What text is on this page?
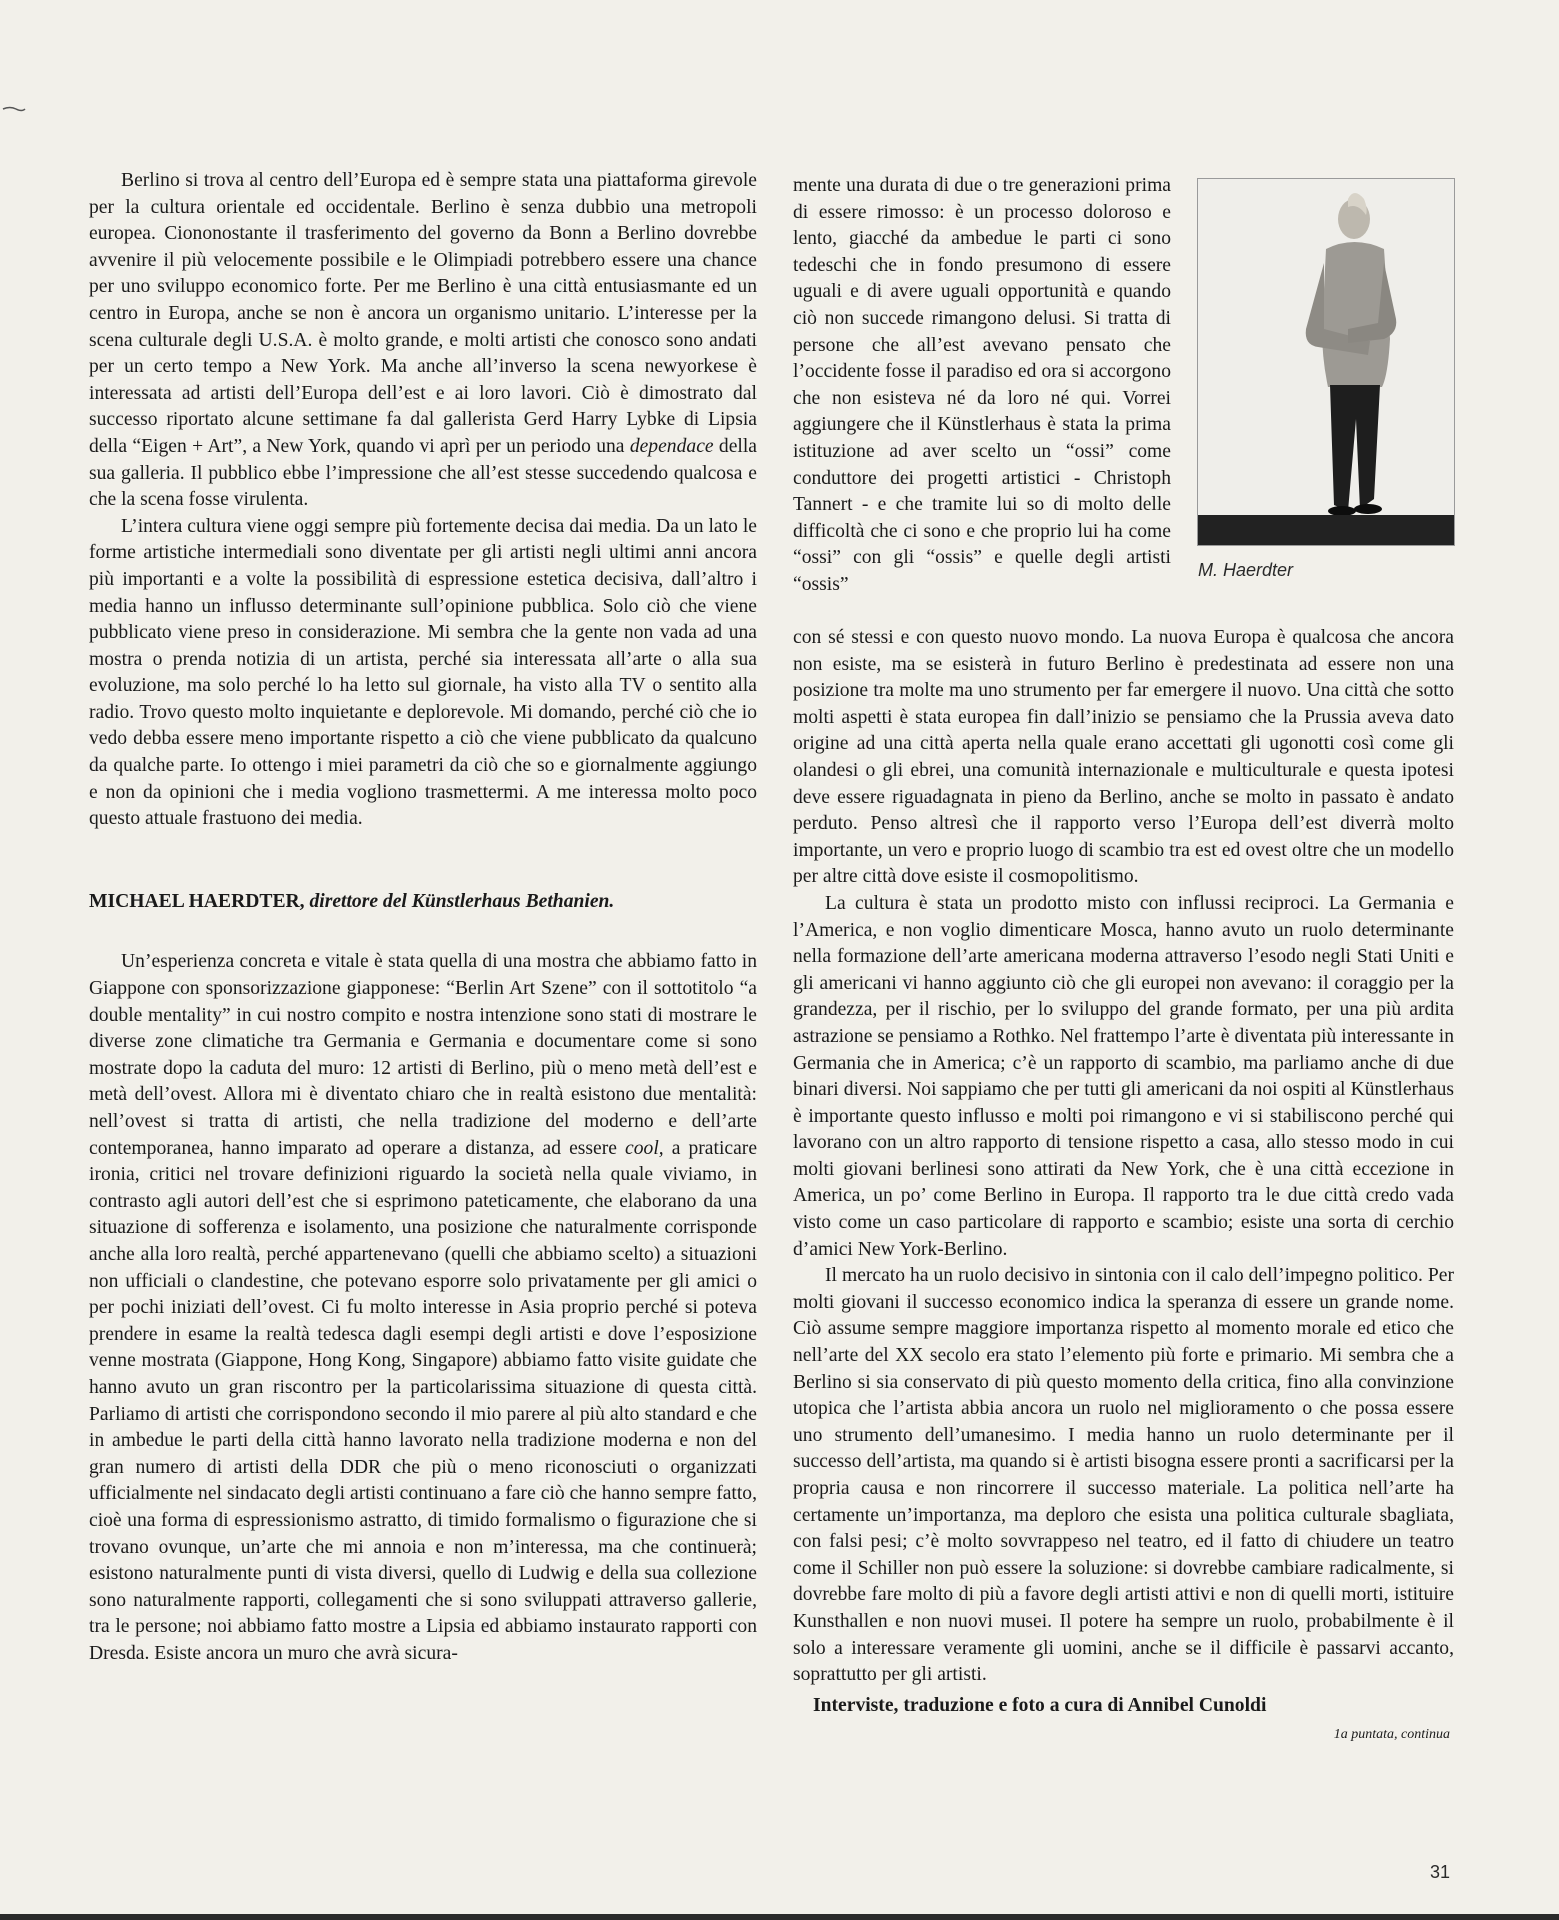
Berlino si trova al centro dell’Europa ed è sempre stata una piattaforma girevole per la cultura orientale ed occidentale. Berlino è senza dubbio una metropoli europea. Ciononostante il trasferimento del governo da Bonn a Berlino dovrebbe avvenire il più velocemente possibile e le Olimpiadi potrebbero essere una chance per uno sviluppo economico forte. Per me Berlino è una città entusiasmante ed un centro in Europa, anche se non è ancora un organismo unitario. L’interesse per la scena culturale degli U.S.A. è molto grande, e molti artisti che conosco sono andati per un certo tempo a New York. Ma anche all’inverso la scena newyorkese è interessata ad artisti dell’Europa dell’est e ai loro lavori. Ciò è dimostrato dal successo riportato alcune settimane fa dal gallerista Gerd Harry Lybke di Lipsia della “Eigen + Art”, a New York, quando vi aprì per un periodo una dependace della sua galleria. Il pubblico ebbe l’impressione che all’est stesse succedendo qualcosa e che la scena fosse virulenta.

L’intera cultura viene oggi sempre più fortemente decisa dai media. Da un lato le forme artistiche intermediali sono diventate per gli artisti negli ultimi anni ancora più importanti e a volte la possibilità di espressione estetica decisiva, dall’altro i media hanno un influsso determinante sull’opinione pubblica. Solo ciò che viene pubblicato viene preso in considerazione. Mi sembra che la gente non vada ad una mostra o prenda notizia di un artista, perché sia interessata all’arte o alla sua evoluzione, ma solo perché lo ha letto sul giornale, ha visto alla TV o sentito alla radio. Trovo questo molto inquietante e deplorevole. Mi domando, perché ciò che io vedo debba essere meno importante rispetto a ciò che viene pubblicato da qualcuno da qualche parte. Io ottengo i miei parametri da ciò che so e giornalmente aggiungo e non da opinioni che i media vogliono trasmettermi. A me interessa molto poco questo attuale frastuono dei media.

MICHAEL HAERDTER, direttore del Künstlerhaus Bethanien.

Un’esperienza concreta e vitale è stata quella di una mostra che abbiamo fatto in Giappone con sponsorizzazione giapponese: “Berlin Art Szene” con il sottotitolo “a double mentality” in cui nostro compito e nostra intenzione sono stati di mostrare le diverse zone climatiche tra Germania e Germania e documentare come si sono mostrate dopo la caduta del muro: 12 artisti di Berlino, più o meno metà dell’est e metà dell’ovest. Allora mi è diventato chiaro che in realtà esistono due mentalità: nell’ovest si tratta di artisti, che nella tradizione del moderno e dell’arte contemporanea, hanno imparato ad operare a distanza, ad essere cool, a praticare ironia, critici nel trovare definizioni riguardo la società nella quale viviamo, in contrasto agli autori dell’est che si esprimono pateticamente, che elaborano da una situazione di sofferenza e isolamento, una posizione che naturalmente corrisponde anche alla loro realtà, perché appartenevano (quelli che abbiamo scelto) a situazioni non ufficiali o clandestine, che potevano esporre solo privatamente per gli amici o per pochi iniziati dell’ovest. Ci fu molto interesse in Asia proprio perché si poteva prendere in esame la realtà tedesca dagli esempi degli artisti e dove l’esposizione venne mostrata (Giappone, Hong Kong, Singapore) abbiamo fatto visite guidate che hanno avuto un gran riscontro per la particolarissima situazione di questa città. Parliamo di artisti che corrispondono secondo il mio parere al più alto standard e che in ambedue le parti della città hanno lavorato nella tradizione moderna e non del gran numero di artisti della DDR che più o meno riconosciuti o organizzati ufficialmente nel sindacato degli artisti continuano a fare ciò che hanno sempre fatto, cioè una forma di espressionismo astratto, di timido formalismo o figurazione che si trovano ovunque, un’arte che mi annoia e non m’interessa, ma che continuerà; esistono naturalmente punti di vista diversi, quello di Ludwig e della sua collezione sono naturalmente rapporti, collegamenti che si sono sviluppati attraverso gallerie, tra le persone; noi abbiamo fatto mostre a Lipsia ed abbiamo instaurato rapporti con Dresda. Esiste ancora un muro che avrà sicura-

mente una durata di due o tre generazioni prima di essere rimosso: è un processo doloroso e lento, giacché da ambedue le parti ci sono tedeschi che in fondo presumono di essere uguali e di avere uguali opportunità e quando ciò non succede rimangono delusi. Si tratta di persone che all’est avevano pensato che l’occidente fosse il paradiso ed ora si accorgono che non esisteva né da loro né qui. Vorrei aggiungere che il Künstlerhaus è stata la prima istituzione ad aver scelto un “ossi” come conduttore dei progetti artistici - Christoph Tannert - e che tramite lui so di molto delle difficoltà che ci sono e che proprio lui ha come “ossi” con gli “ossis” e quelle degli artisti “ossis”

M. Haerdter

con sé stessi e con questo nuovo mondo. La nuova Europa è qualcosa che ancora non esiste, ma se esisterà in futuro Berlino è predestinata ad essere non una posizione tra molte ma uno strumento per far emergere il nuovo. Una città che sotto molti aspetti è stata europea fin dall’inizio se pensiamo che la Prussia aveva dato origine ad una città aperta nella quale erano accettati gli ugonotti così come gli olandesi o gli ebrei, una comunità internazionale e multiculturale e questa ipotesi deve essere riguadagnata in pieno da Berlino, anche se molto in passato è andato perduto. Penso altresì che il rapporto verso l’Europa dell’est diverrà molto importante, un vero e proprio luogo di scambio tra est ed ovest oltre che un modello per altre città dove esiste il cosmopolitismo.

La cultura è stata un prodotto misto con influssi reciproci. La Germania e l’America, e non voglio dimenticare Mosca, hanno avuto un ruolo determinante nella formazione dell’arte americana moderna attraverso l’esodo negli Stati Uniti e gli americani vi hanno aggiunto ciò che gli europei non avevano: il coraggio per la grandezza, per il rischio, per lo sviluppo del grande formato, per una più ardita astrazione se pensiamo a Rothko. Nel frattempo l’arte è diventata più interessante in Germania che in America; c’è un rapporto di scambio, ma parliamo anche di due binari diversi. Noi sappiamo che per tutti gli americani da noi ospiti al Künstlerhaus è importante questo influsso e molti poi rimangono e vi si stabiliscono perché qui lavorano con un altro rapporto di tensione rispetto a casa, allo stesso modo in cui molti giovani berlinesi sono attirati da New York, che è una città eccezione in America, un po’ come Berlino in Europa. Il rapporto tra le due città credo vada visto come un caso particolare di rapporto e scambio; esiste una sorta di cerchio d’amici New York-Berlino.

Il mercato ha un ruolo decisivo in sintonia con il calo dell’impegno politico. Per molti giovani il successo economico indica la speranza di essere un grande nome. Ciò assume sempre maggiore importanza rispetto al momento morale ed etico che nell’arte del XX secolo era stato l’elemento più forte e primario. Mi sembra che a Berlino si sia conservato di più questo momento della critica, fino alla convinzione utopica che l’artista abbia ancora un ruolo nel miglioramento o che possa essere uno strumento dell’umanesimo. I media hanno un ruolo determinante per il successo dell’artista, ma quando si è artisti bisogna essere pronti a sacrificarsi per la propria causa e non rincorrere il successo materiale. La politica nell’arte ha certamente un’importanza, ma deploro che esista una politica culturale sbagliata, con falsi pesi; c’è molto sovvrappeso nel teatro, ed il fatto di chiudere un teatro come il Schiller non può essere la soluzione: si dovrebbe cambiare radicalmente, si dovrebbe fare molto di più a favore degli artisti attivi e non di quelli morti, istituire Kunsthallen e non nuovi musei. Il potere ha sempre un ruolo, probabilmente è il solo a interessare veramente gli uomini, anche se il difficile è passarvi accanto, soprattutto per gli artisti.

Interviste, traduzione e foto a cura di Annibel Cunoldi

1a puntata, continua

31
